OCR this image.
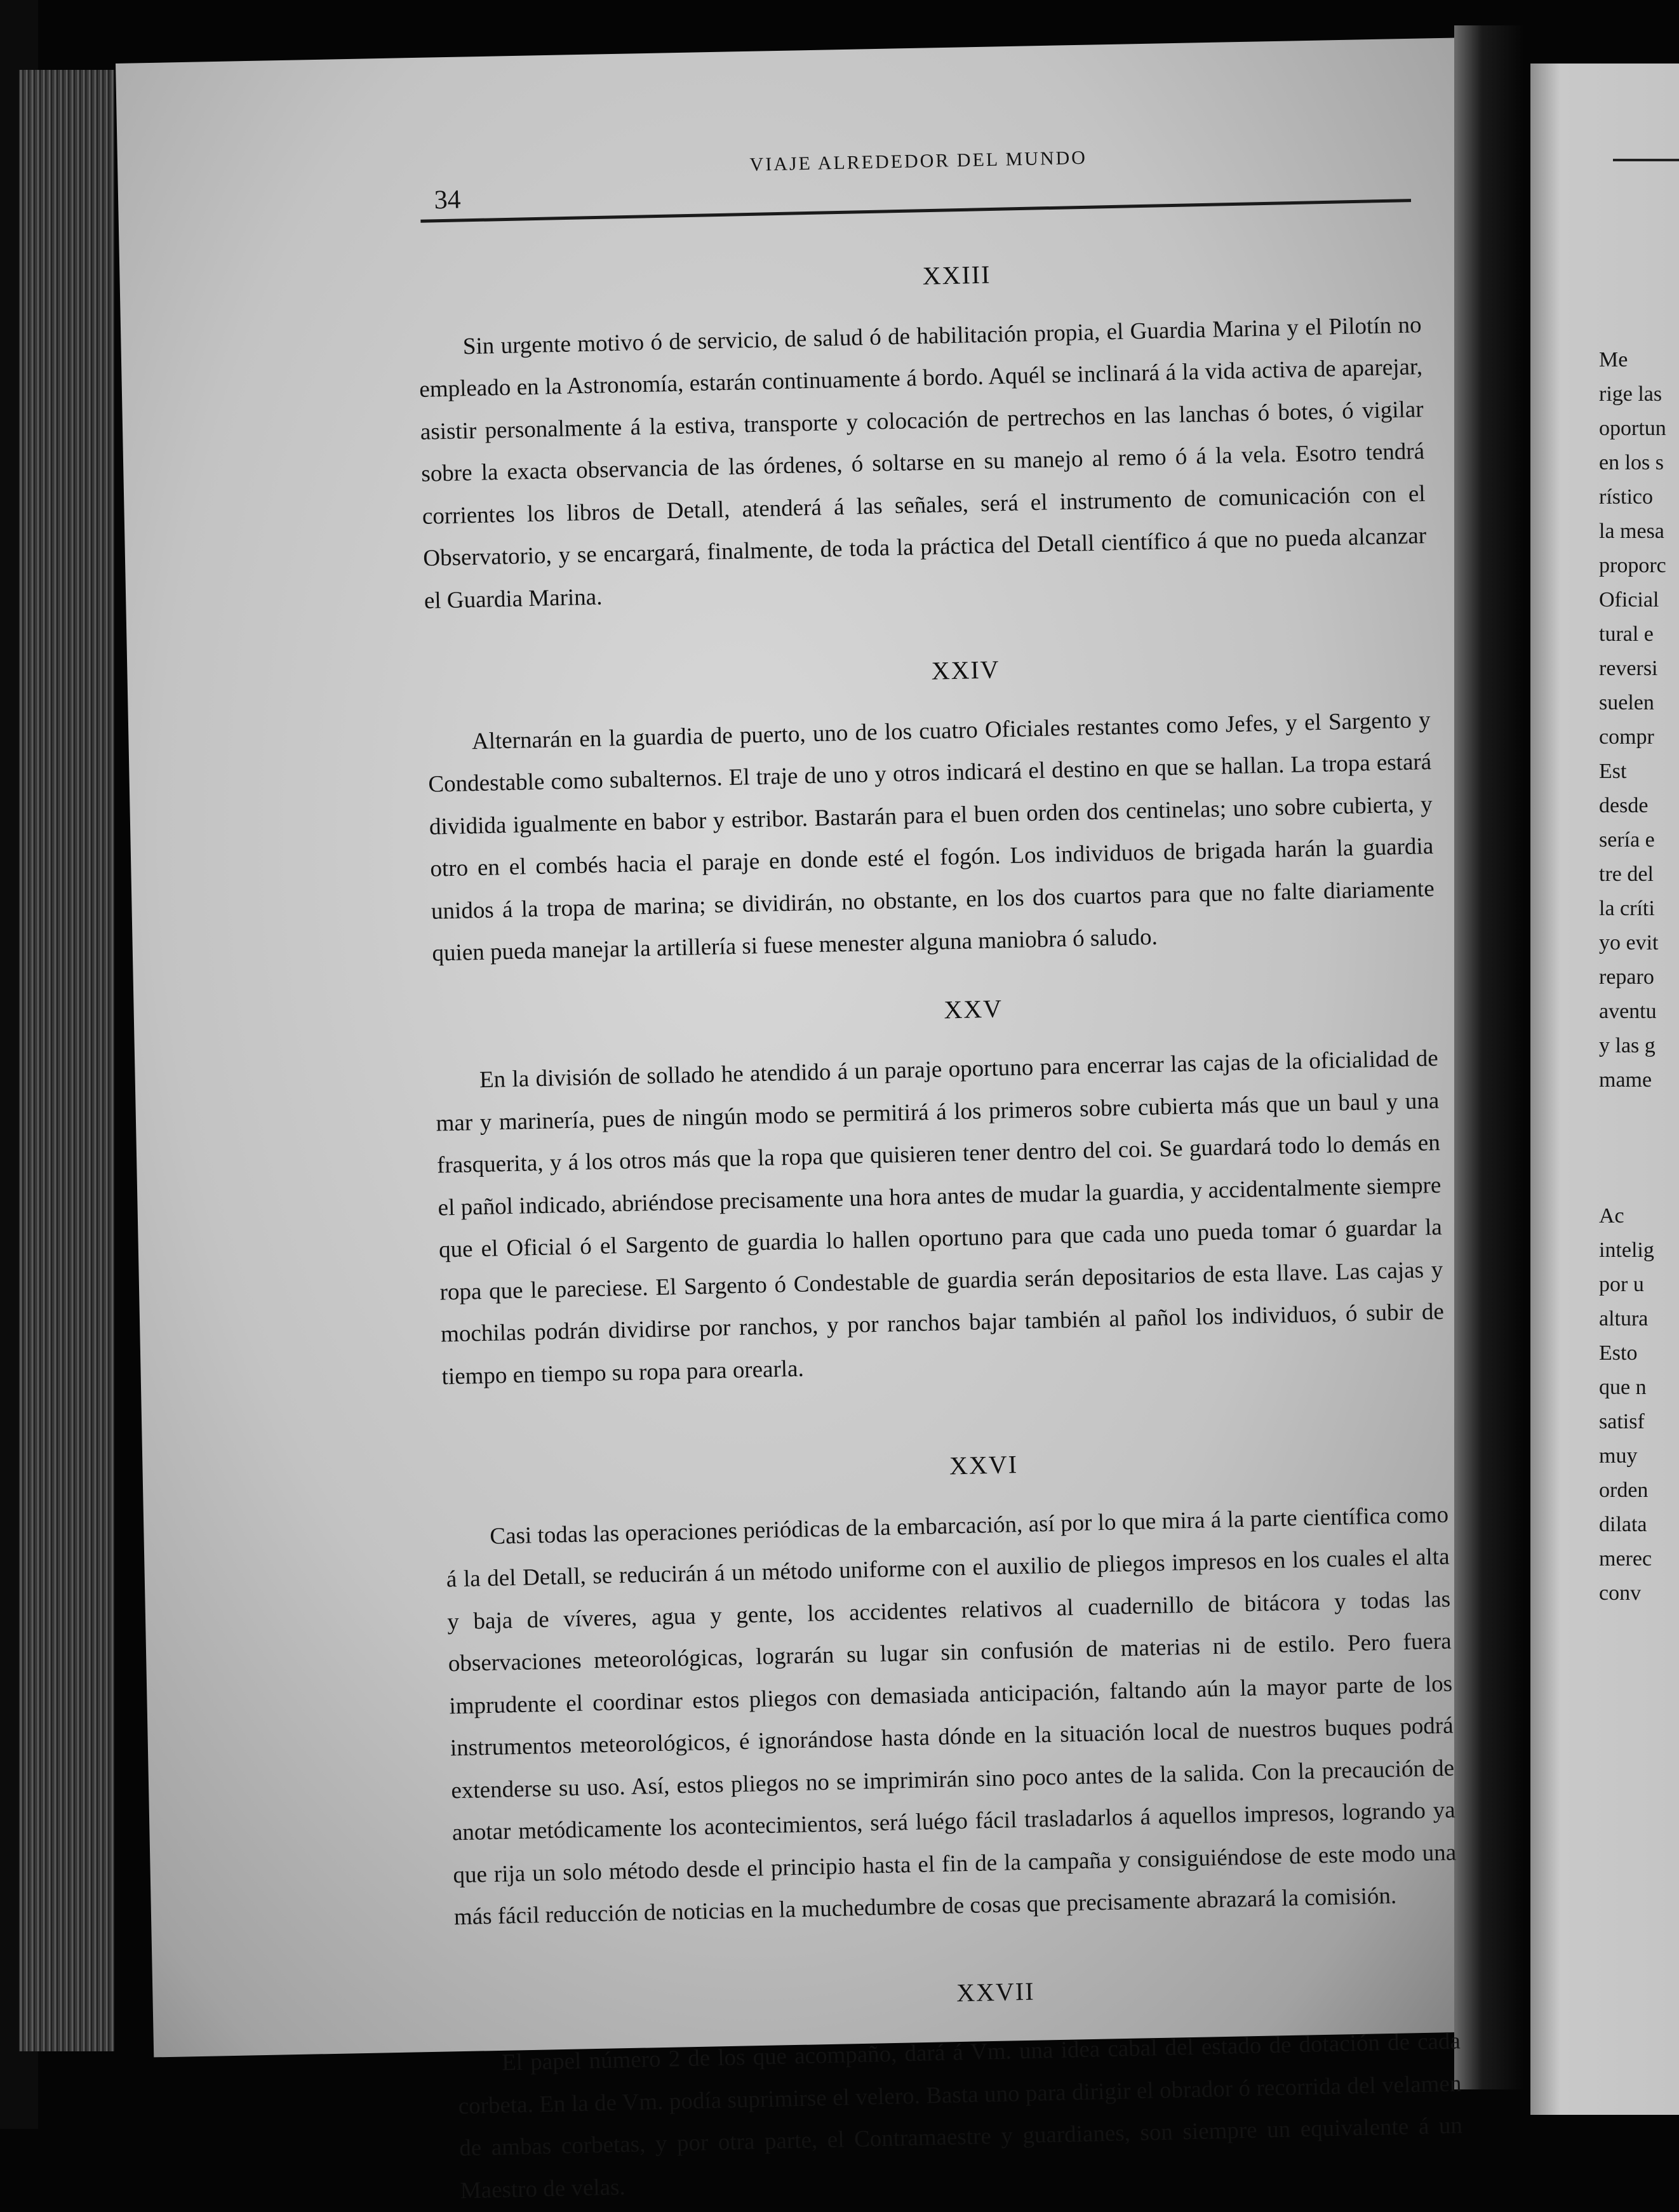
34
VIAJE ALREDEDOR DEL MUNDO
XXIII

Sin urgente motivo ó de servicio, de salud ó de habilitación propia, el Guardia Marina y el Pilotín no empleado en la Astronomía, estarán continuamente á bordo. Aquél se inclinará á la vida activa de aparejar, asistir personalmente á la estiva, transporte y colocación de pertrechos en las lanchas ó botes, ó vigilar sobre la exacta observancia de las órdenes, ó soltarse en su manejo al remo ó á la vela. Esotro tendrá corrientes los libros de Detall, atenderá á las señales, será el instrumento de comunicación con el Observatorio, y se encargará, finalmente, de toda la práctica del Detall científico á que no pueda alcanzar el Guardia Marina.

XXIV

Alternarán en la guardia de puerto, uno de los cuatro Oficiales restantes como Jefes, y el Sargento y Condestable como subalternos. El traje de uno y otros indicará el destino en que se hallan. La tropa estará dividida igualmente en babor y estribor. Bastarán para el buen orden dos centinelas; uno sobre cubierta, y otro en el combés hacia el paraje en donde esté el fogón. Los individuos de brigada harán la guardia unidos á la tropa de marina; se dividirán, no obstante, en los dos cuartos para que no falte diariamente quien pueda manejar la artillería si fuese menester alguna maniobra ó saludo.

XXV

En la división de sollado he atendido á un paraje oportuno para encerrar las cajas de la oficialidad de mar y marinería, pues de ningún modo se permitirá á los primeros sobre cubierta más que un baul y una frasquerita, y á los otros más que la ropa que quisieren tener dentro del coi. Se guardará todo lo demás en el pañol indicado, abriéndose precisamente una hora antes de mudar la guardia, y accidentalmente siempre que el Oficial ó el Sargento de guardia lo hallen oportuno para que cada uno pueda tomar ó guardar la ropa que le pareciese. El Sargento ó Condestable de guardia serán depositarios de esta llave. Las cajas y mochilas podrán dividirse por ranchos, y por ranchos bajar también al pañol los individuos, ó subir de tiempo en tiempo su ropa para orearla.

XXVI

Casi todas las operaciones periódicas de la embarcación, así por lo que mira á la parte científica como á la del Detall, se reducirán á un método uniforme con el auxilio de pliegos impresos en los cuales el alta y baja de víveres, agua y gente, los accidentes relativos al cuadernillo de bitácora y todas las observaciones meteorológicas, lograrán su lugar sin confusión de materias ni de estilo. Pero fuera imprudente el coordinar estos pliegos con demasiada anticipación, faltando aún la mayor parte de los instrumentos meteorológicos, é ignorándose hasta dónde en la situación local de nuestros buques podrá extenderse su uso. Así, estos pliegos no se imprimirán sino poco antes de la salida. Con la precaución de anotar metódicamente los acontecimientos, será luégo fácil trasladarlos á aquellos impresos, logrando ya que rija un solo método desde el principio hasta el fin de la campaña y consiguiéndose de este modo una más fácil reducción de noticias en la muchedumbre de cosas que precisamente abrazará la comisión.

XXVII

El papel número 2 de los que acompaño, dará á Vm. una idea cabal del estado de dotación de cada corbeta. En la de Vm. podía suprimirse el velero. Basta uno para dirigir el obrador ó recorrida del velamen de ambas corbetas, y por otra parte, el Contramaestre y guardianes, son siempre un equivalente á un Maestro de velas.

Me
rige las
oportun
en los s
rístico
la mesa
proporc
Oficial
tural e
reversi
suelen
compr
Est
desde
sería e
tre del
la críti
yo evit
reparo
aventu
y las g
mame
Ac
intelig
por u
altura
Esto
que n
satisf
muy
orden
dilata
merec
conv
